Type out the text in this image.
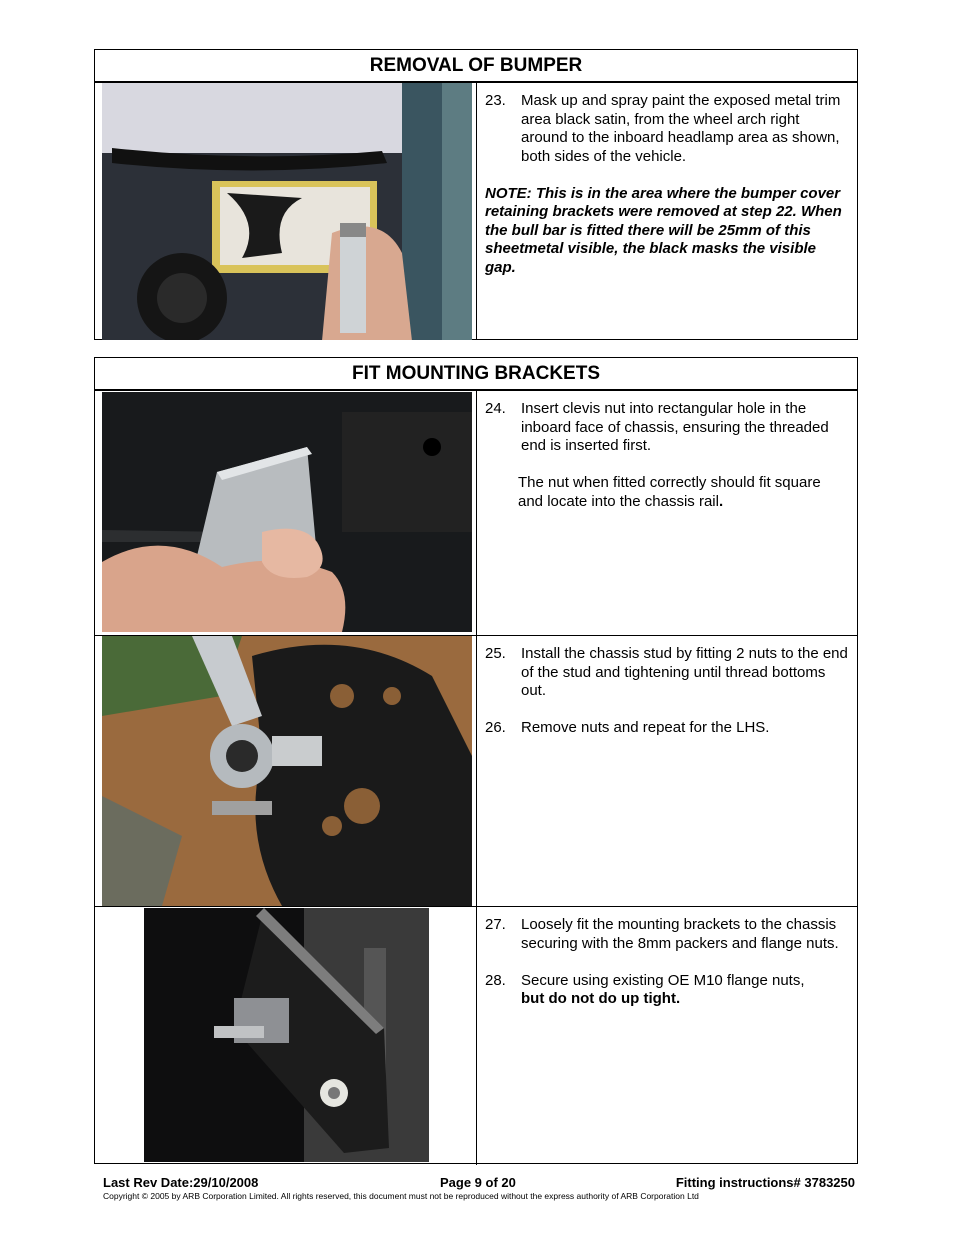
REMOVAL OF BUMPER
23.	Mask up and spray paint the exposed metal trim area black satin, from the wheel arch right around to the inboard headlamp area as shown, both sides of the vehicle.
NOTE: This is in the area where the bumper cover retaining brackets were removed at step 22. When the bull bar is fitted there will be 25mm of this sheetmetal visible, the black masks the visible gap.
FIT MOUNTING BRACKETS
24.	Insert clevis nut into rectangular hole in the inboard face of chassis, ensuring the threaded end is inserted first.
The nut when fitted correctly should fit square and locate into the chassis rail.
25.	Install the chassis stud by fitting 2 nuts to the end of the stud and tightening until thread bottoms out.
26.	Remove nuts and repeat for the LHS.
27.	Loosely fit the mounting brackets to the chassis securing with the 8mm packers and flange nuts.
28.	Secure using existing OE M10 flange nuts,
but do not do up tight.
Last Rev Date:29/10/2008	Page 9 of 20	Fitting instructions# 3783250
Copyright © 2005 by ARB Corporation Limited. All rights reserved, this document must not be reproduced without the express authority of ARB Corporation Ltd
